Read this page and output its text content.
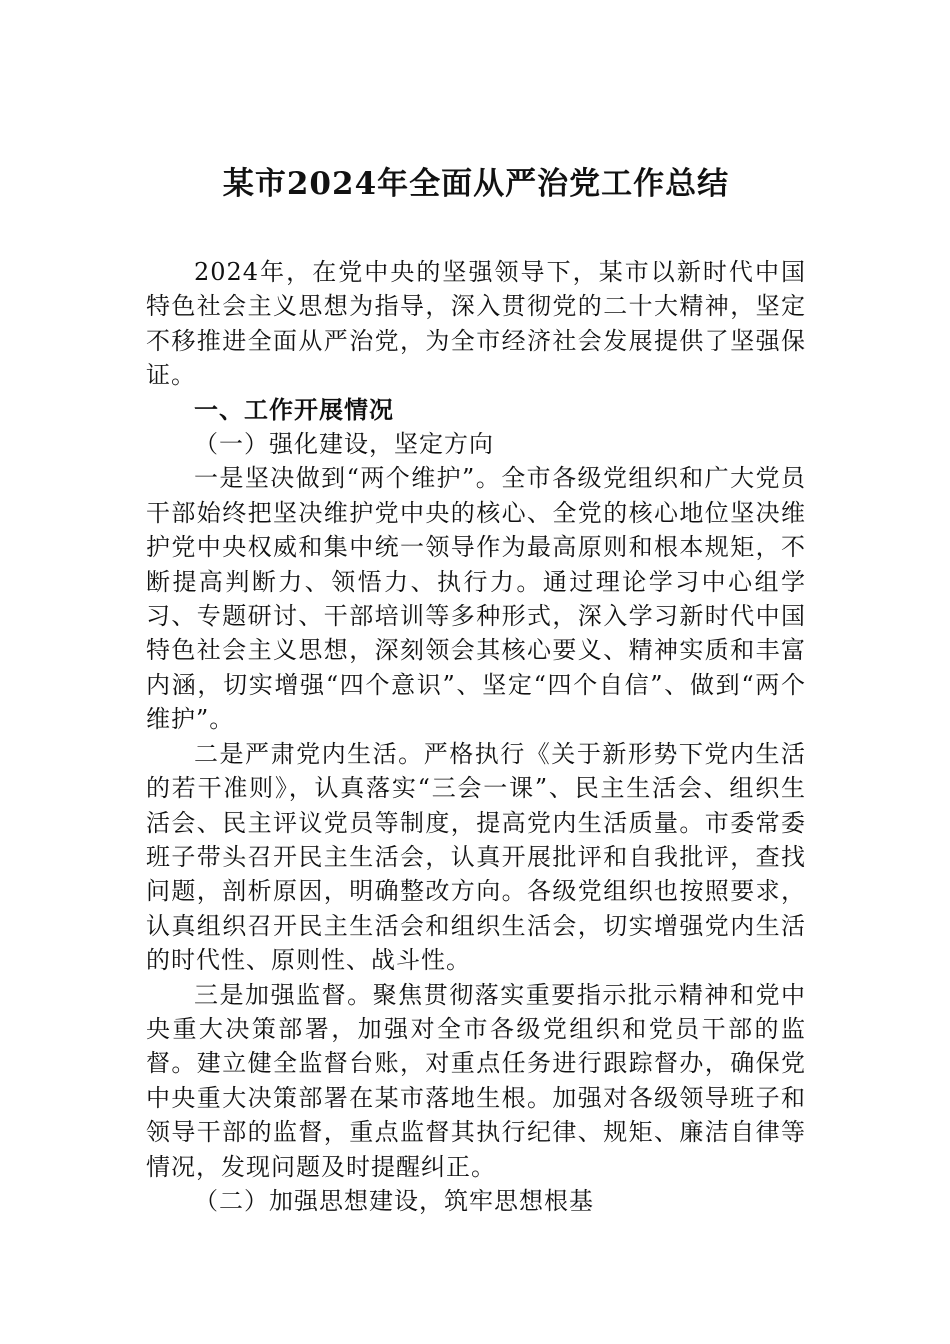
某市2024年全面从严治党工作总结

2024年，在党中央的坚强领导下，某市以新时代中国特色社会主义思想为指导，深入贯彻党的二十大精神，坚定不移推进全面从严治党，为全市经济社会发展提供了坚强保证。

一、工作开展情况

（一）强化建设，坚定方向

一是坚决做到“两个维护”。全市各级党组织和广大党员干部始终把坚决维护党中央的核心、全党的核心地位坚决维护党中央权威和集中统一领导作为最高原则和根本规矩，不断提高判断力、领悟力、执行力。通过理论学习中心组学习、专题研讨、干部培训等多种形式，深入学习新时代中国特色社会主义思想，深刻领会其核心要义、精神实质和丰富内涵，切实增强“四个意识”、坚定“四个自信”、做到“两个维护”。

二是严肃党内生活。严格执行《关于新形势下党内生活的若干准则》，认真落实“三会一课”、民主生活会、组织生活会、民主评议党员等制度，提高党内生活质量。市委常委班子带头召开民主生活会，认真开展批评和自我批评，查找问题，剖析原因，明确整改方向。各级党组织也按照要求，认真组织召开民主生活会和组织生活会，切实增强党内生活的时代性、原则性、战斗性。

三是加强监督。聚焦贯彻落实重要指示批示精神和党中央重大决策部署，加强对全市各级党组织和党员干部的监督。建立健全监督台账，对重点任务进行跟踪督办，确保党中央重大决策部署在某市落地生根。加强对各级领导班子和领导干部的监督，重点监督其执行纪律、规矩、廉洁自律等情况，发现问题及时提醒纠正。

（二）加强思想建设，筑牢思想根基
